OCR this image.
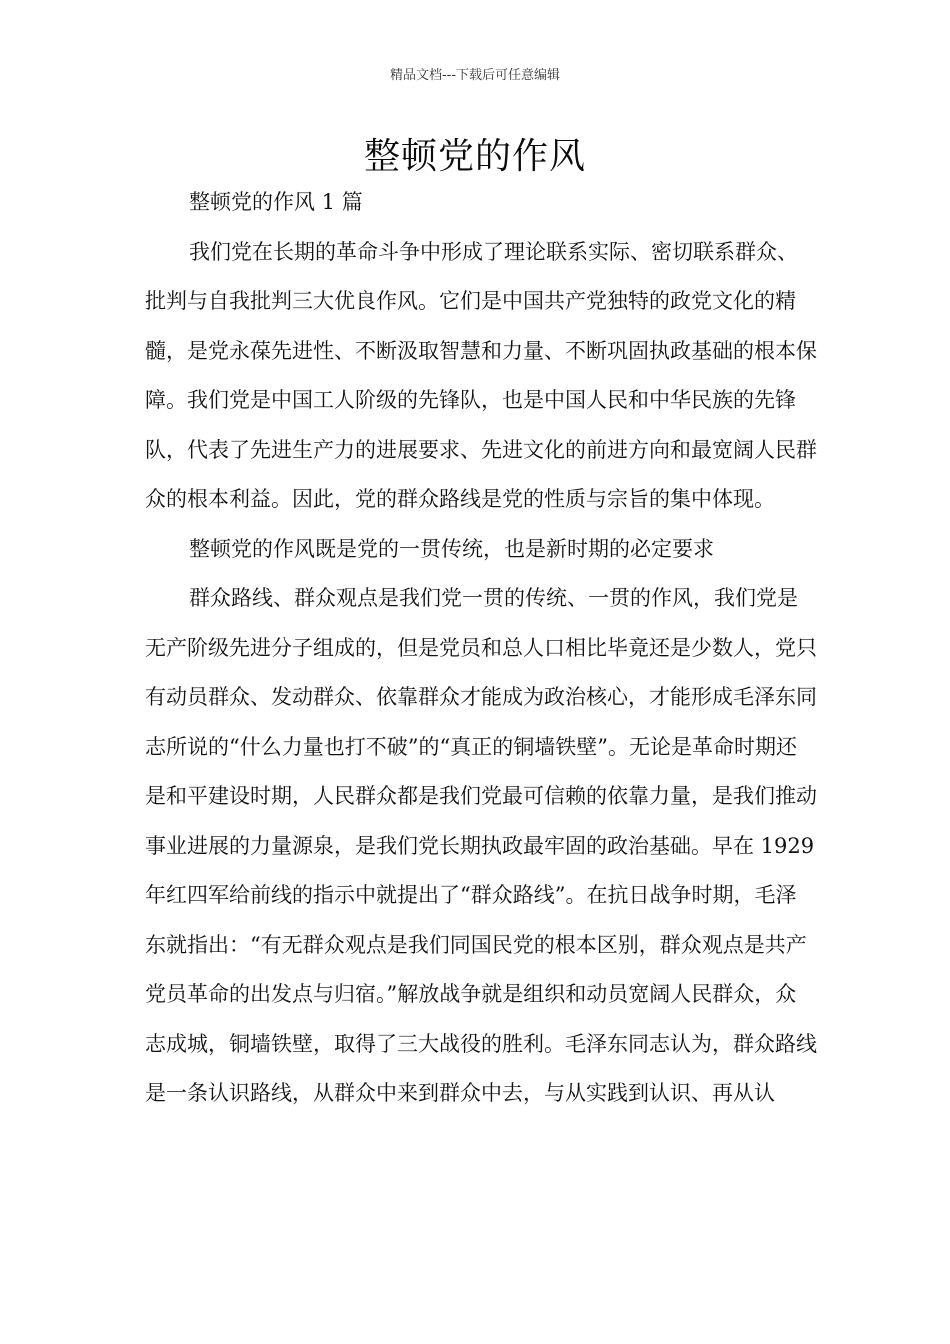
精品文档---下载后可任意编辑
整顿党的作风

整顿党的作风 1 篇

我们党在长期的革命斗争中形成了理论联系实际、密切联系群众、批判与自我批判三大优良作风。它们是中国共产党独特的政党文化的精髓，是党永葆先进性、不断汲取智慧和力量、不断巩固执政基础的根本保障。我们党是中国工人阶级的先锋队，也是中国人民和中华民族的先锋队，代表了先进生产力的进展要求、先进文化的前进方向和最宽阔人民群众的根本利益。因此，党的群众路线是党的性质与宗旨的集中体现。

整顿党的作风既是党的一贯传统，也是新时期的必定要求

群众路线、群众观点是我们党一贯的传统、一贯的作风，我们党是无产阶级先进分子组成的，但是党员和总人口相比毕竟还是少数人，党只有动员群众、发动群众、依靠群众才能成为政治核心，才能形成毛泽东同志所说的“什么力量也打不破”的“真正的铜墙铁壁”。无论是革命时期还是和平建设时期，人民群众都是我们党最可信赖的依靠力量，是我们推动事业进展的力量源泉，是我们党长期执政最牢固的政治基础。早在 1929 年红四军给前线的指示中就提出了“群众路线”。在抗日战争时期，毛泽东就指出：“有无群众观点是我们同国民党的根本区别，群众观点是共产党员革命的出发点与归宿。”解放战争就是组织和动员宽阔人民群众，众志成城，铜墙铁壁，取得了三大战役的胜利。毛泽东同志认为，群众路线是一条认识路线，从群众中来到群众中去，与从实践到认识、再从认
